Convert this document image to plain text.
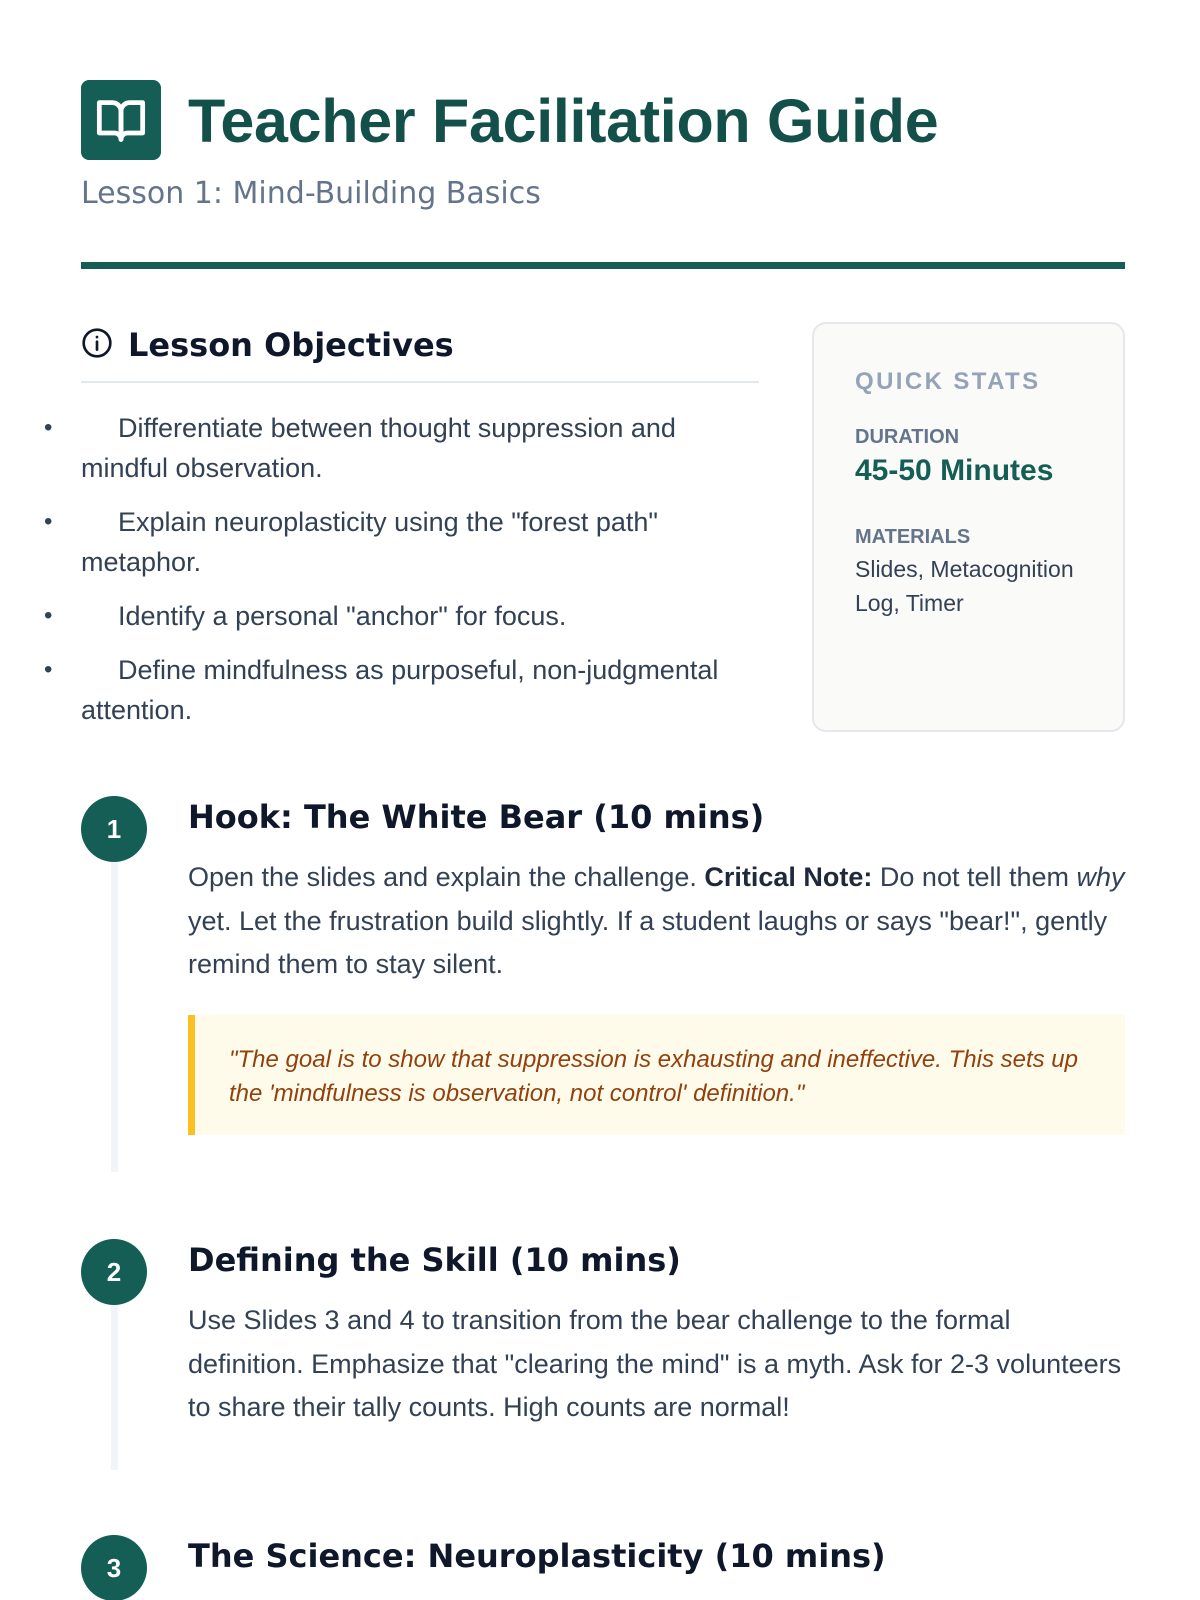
Teacher Facilitation Guide
Lesson 1: Mind-Building Basics
Lesson Objectives
• Differentiate between thought suppression and mindful observation.
• Explain neuroplasticity using the "forest path" metaphor.
• Identify a personal "anchor" for focus.
• Define mindfulness as purposeful, non-judgmental attention.
QUICK STATS
DURATION
45-50 Minutes
MATERIALS
Slides, Metacognition Log, Timer
1	Hook: The White Bear (10 mins)
Open the slides and explain the challenge. Critical Note: Do not tell them why yet. Let the frustration build slightly. If a student laughs or says "bear!", gently remind them to stay silent.
"The goal is to show that suppression is exhausting and ineffective. This sets up the 'mindfulness is observation, not control' definition."
2	Defining the Skill (10 mins)
Use Slides 3 and 4 to transition from the bear challenge to the formal definition. Emphasize that "clearing the mind" is a myth. Ask for 2-3 volunteers to share their tally counts. High counts are normal!
3	The Science: Neuroplasticity (10 mins)
